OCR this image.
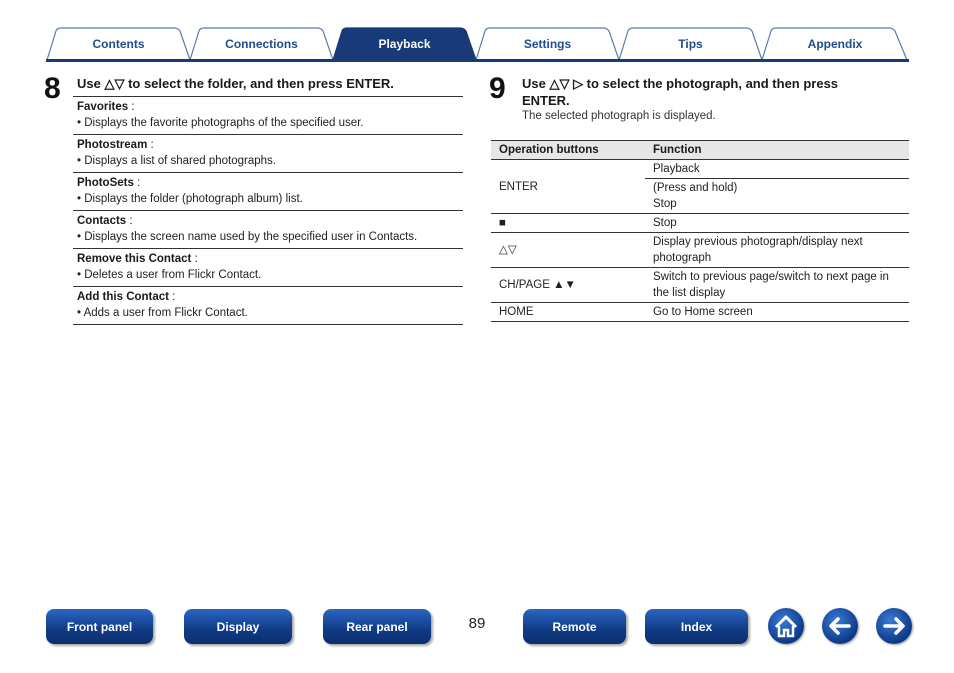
Contents	Connections	Playback	Settings	Tips	Appendix
8 Use △▽ to select the folder, and then press ENTER.
Favorites :
• Displays the favorite photographs of the specified user.
Photostream :
• Displays a list of shared photographs.
PhotoSets :
• Displays the folder (photograph album) list.
Contacts :
• Displays the screen name used by the specified user in Contacts.
Remove this Contact :
• Deletes a user from Flickr Contact.
Add this Contact :
• Adds a user from Flickr Contact.
9 Use △▽ ▷ to select the photograph, and then press
ENTER.
The selected photograph is displayed.
Operation buttons	Function
ENTER	Playback
	(Press and hold)
Stop
■	Stop
△▽	Display previous photograph/display next photograph
CH/PAGE ▲▼	Switch to previous page/switch to next page in the list display
HOME	Go to Home screen
Front panel	Display	Rear panel	89	Remote	Index
